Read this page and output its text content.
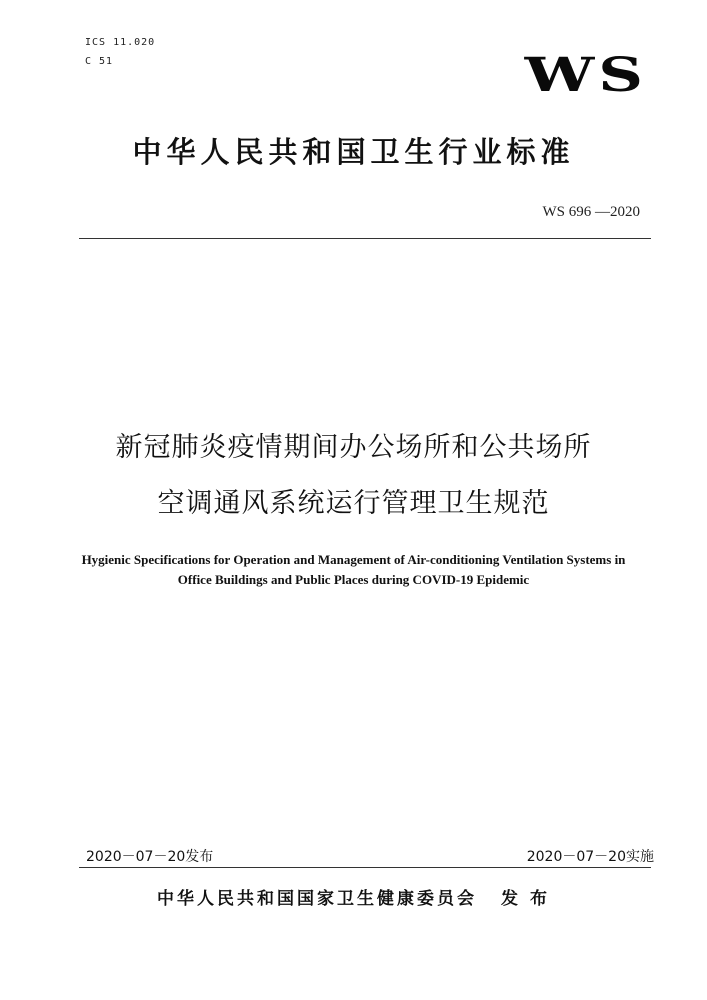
ICS 11.020
C 51	WS
中华人民共和国卫生行业标准
WS 696 —2020
新冠肺炎疫情期间办公场所和公共场所
空调通风系统运行管理卫生规范
Hygienic Specifications for Operation and Management of Air-conditioning Ventilation Systems in
Office Buildings and Public Places during COVID-19 Epidemic
2020－07－20发布	2020－07－20实施
中华人民共和国国家卫生健康委员会 发 布
